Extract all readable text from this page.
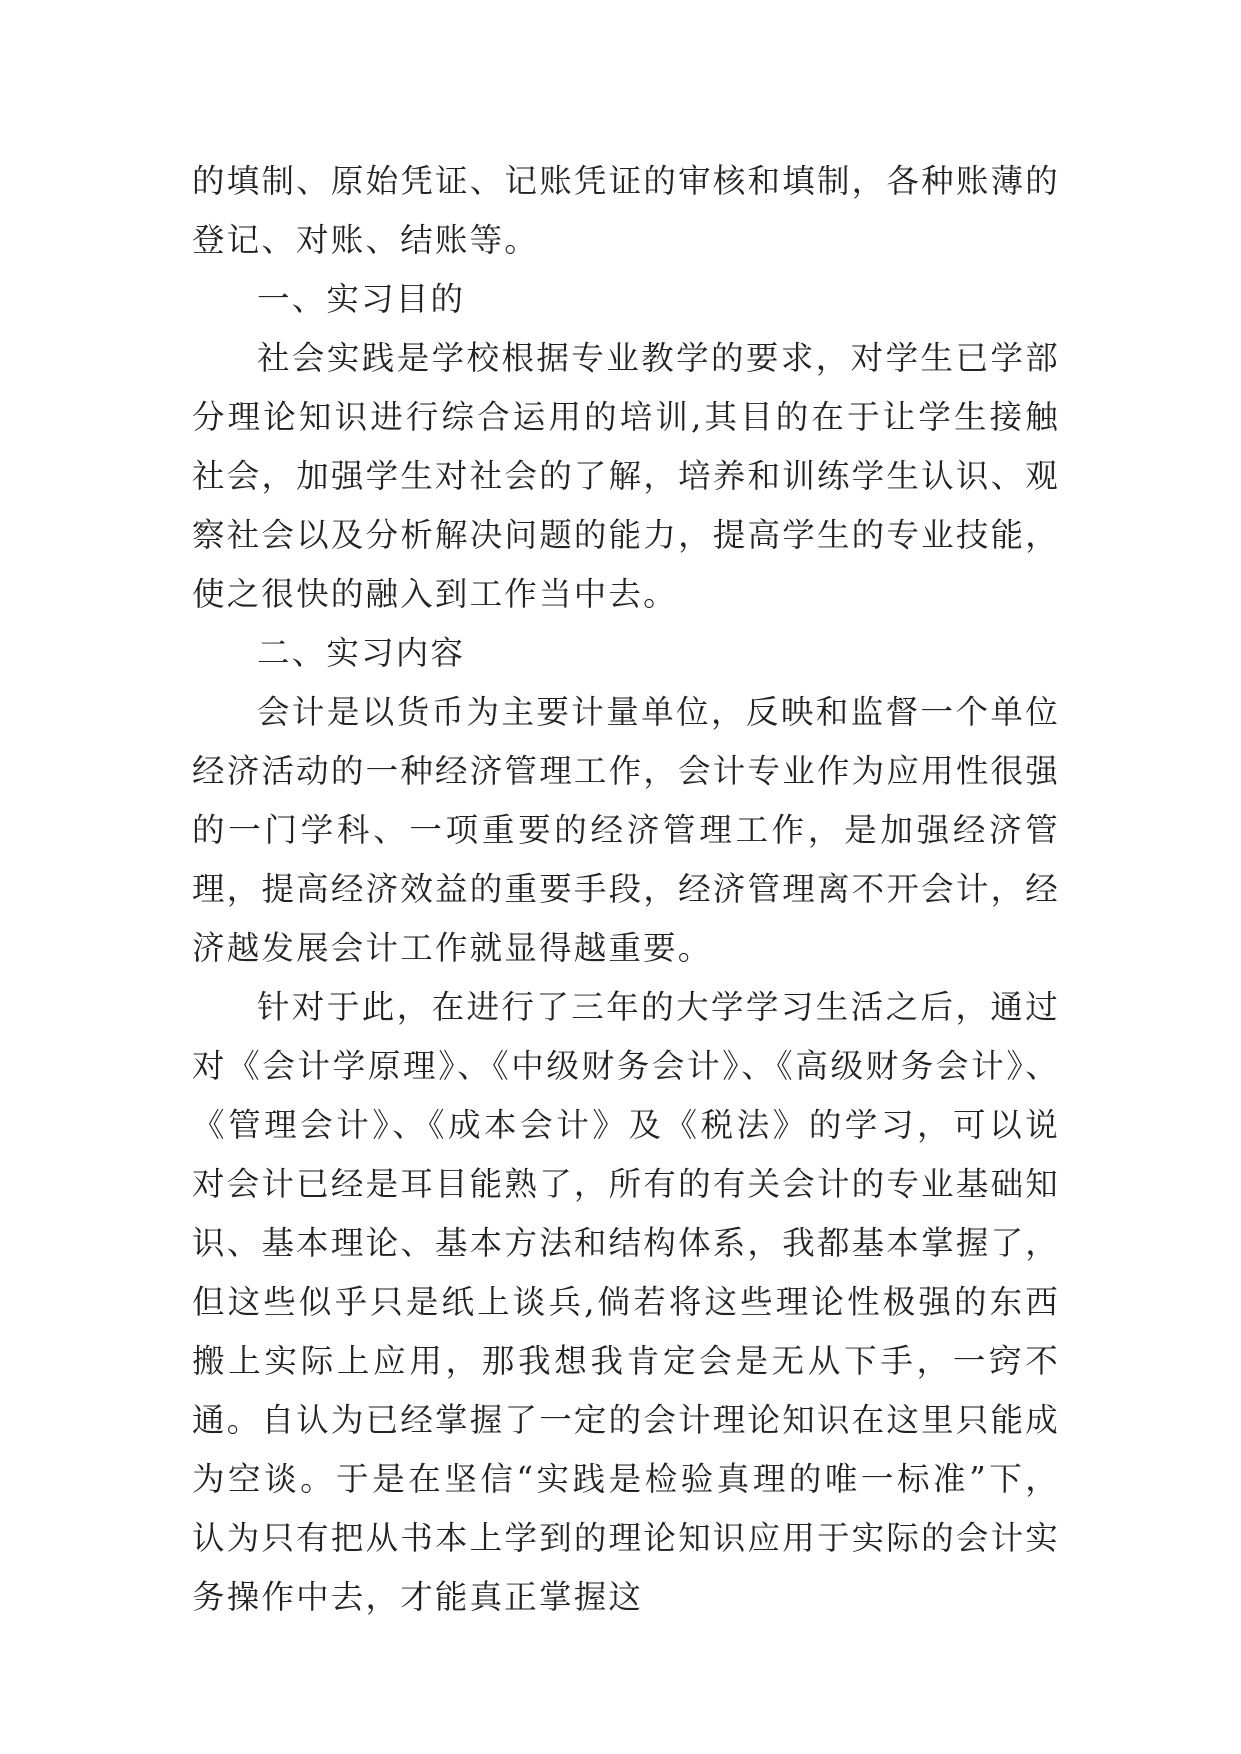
的填制、原始凭证、记账凭证的审核和填制，各种账薄的登记、对账、结账等。

一、实习目的

社会实践是学校根据专业教学的要求，对学生已学部分理论知识进行综合运用的培训,其目的在于让学生接触社会，加强学生对社会的了解，培养和训练学生认识、观察社会以及分析解决问题的能力，提高学生的专业技能，使之很快的融入到工作当中去。

二、实习内容

会计是以货币为主要计量单位，反映和监督一个单位经济活动的一种经济管理工作，会计专业作为应用性很强的一门学科、一项重要的经济管理工作，是加强经济管理，提高经济效益的重要手段，经济管理离不开会计，经济越发展会计工作就显得越重要。

针对于此，在进行了三年的大学学习生活之后，通过对《会计学原理》、《中级财务会计》、《高级财务会计》、《管理会计》、《成本会计》及《税法》的学习，可以说对会计已经是耳目能熟了，所有的有关会计的专业基础知识、基本理论、基本方法和结构体系，我都基本掌握了，但这些似乎只是纸上谈兵,倘若将这些理论性极强的东西搬上实际上应用，那我想我肯定会是无从下手，一窍不通。自认为已经掌握了一定的会计理论知识在这里只能成为空谈。于是在坚信“实践是检验真理的唯一标准”下，认为只有把从书本上学到的理论知识应用于实际的会计实务操作中去，才能真正掌握这
